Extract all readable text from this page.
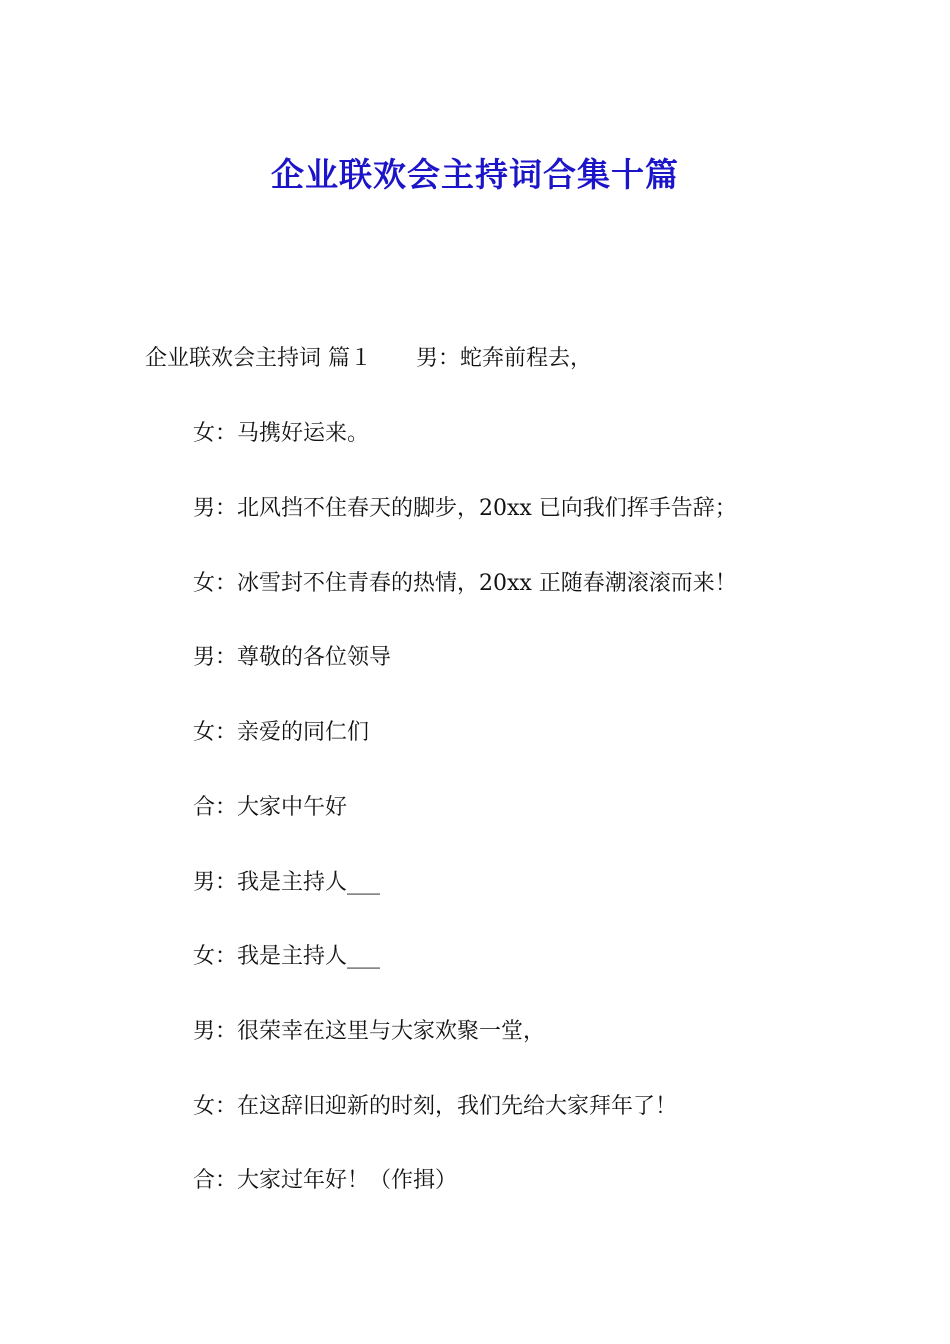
企业联欢会主持词合集十篇
企业联欢会主持词 篇１ 男：蛇奔前程去，
女：马携好运来。
男：北风挡不住春天的脚步，20xx 已向我们挥手告辞；
女：冰雪封不住青春的热情，20xx 正随春潮滚滚而来！
男：尊敬的各位领导
女：亲爱的同仁们
合：大家中午好
男：我是主持人___
女：我是主持人___
男：很荣幸在这里与大家欢聚一堂，
女：在这辞旧迎新的时刻，我们先给大家拜年了！
合：大家过年好！（作揖）
